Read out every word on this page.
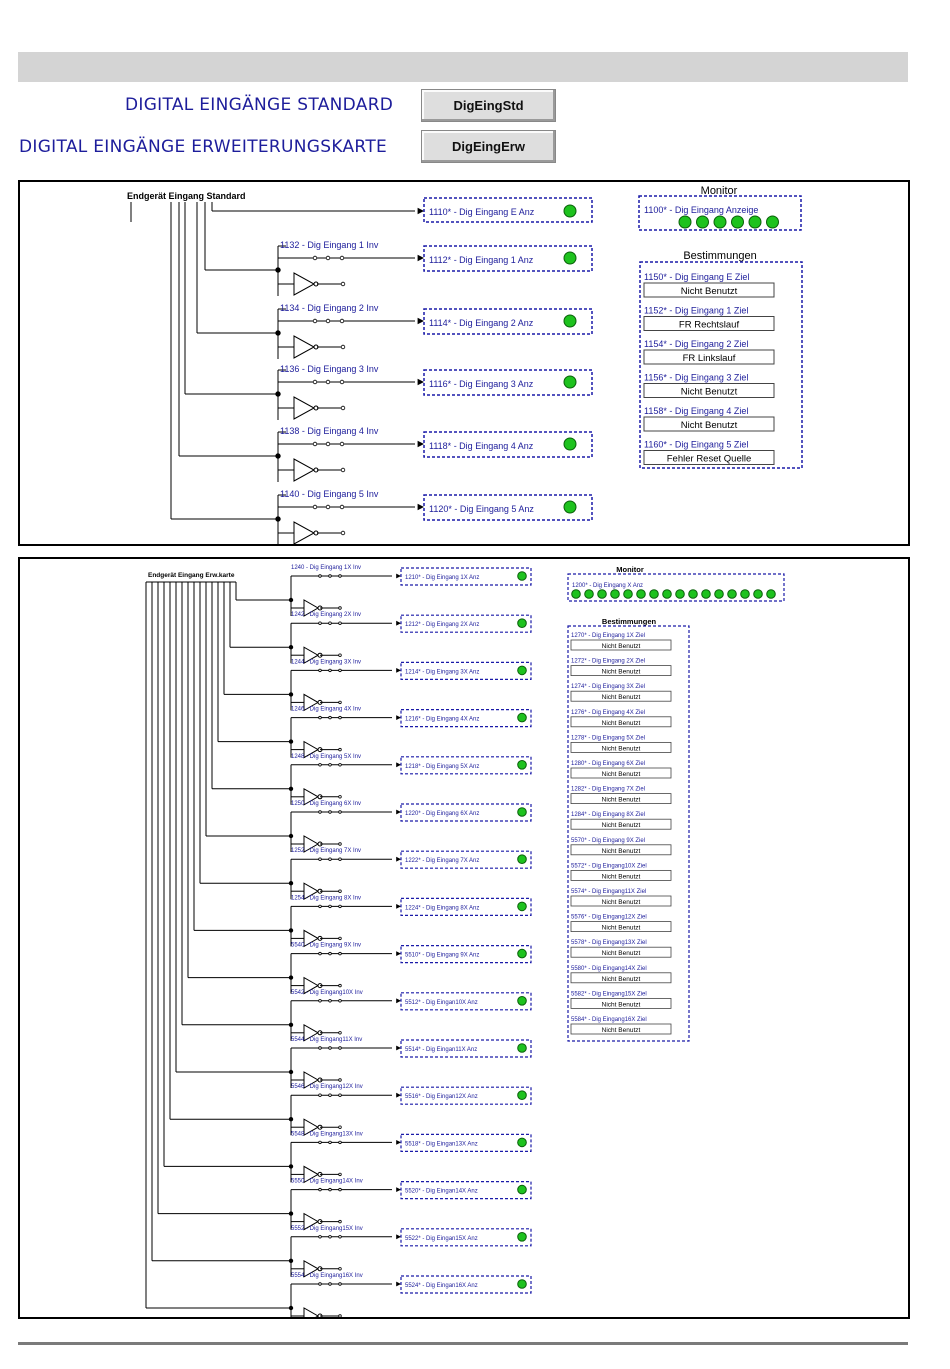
DIGITAL EINGÄNGE STANDARD	DigEingStd
DIGITAL EINGÄNGE ERWEITERUNGSKARTE	DigEingErw
Endgerät Eingang Standard
1110* - Dig Eingang E Anz
1132 - Dig Eingang 1 Inv
1112* - Dig Eingang 1 Anz
1134 - Dig Eingang 2 Inv
1114* - Dig Eingang 2 Anz
1136 - Dig Eingang 3 Inv
1116* - Dig Eingang 3 Anz
1138 - Dig Eingang 4 Inv
1118* - Dig Eingang 4 Anz
1140 - Dig Eingang 5 Inv
1120* - Dig Eingang 5 Anz
Monitor
1100* - Dig Eingang Anzeige
Bestimmungen
1150* - Dig Eingang E Ziel
Nicht Benutzt
1152* - Dig Eingang 1 Ziel
FR Rechtslauf
1154* - Dig Eingang 2 Ziel
FR Linkslauf
1156* - Dig Eingang 3 Ziel
Nicht Benutzt
1158* - Dig Eingang 4 Ziel
Nicht Benutzt
1160* - Dig Eingang 5 Ziel
Fehler Reset Quelle
Endgerät Eingang Erw.karte
1240 - Dig Eingang 1X Inv
1210* - Dig Eingang 1X Anz
1242 - Dig Eingang 2X Inv
1212* - Dig Eingang 2X Anz
1244 - Dig Eingang 3X Inv
1214* - Dig Eingang 3X Anz
1246 - Dig Eingang 4X Inv
1216* - Dig Eingang 4X Anz
1248 - Dig Eingang 5X Inv
1218* - Dig Eingang 5X Anz
1250 - Dig Eingang 6X Inv
1220* - Dig Eingang 6X Anz
1252 - Dig Eingang 7X Inv
1222* - Dig Eingang 7X Anz
1254 - Dig Eingang 8X Inv
1224* - Dig Eingang 8X Anz
5540 - Dig Eingang 9X Inv
5510* - Dig Eingang 9X Anz
5542 - Dig Eingang10X Inv
5512* - Dig Eingan10X Anz
5544 - Dig Eingang11X Inv
5514* - Dig Eingan11X Anz
5546 - Dig Eingang12X Inv
5516* - Dig Eingan12X Anz
5548 - Dig Eingang13X Inv
5518* - Dig Eingan13X Anz
5550 - Dig Eingang14X Inv
5520* - Dig Eingan14X Anz
5552 - Dig Eingang15X Inv
5522* - Dig Eingan15X Anz
5554 - Dig Eingang16X Inv
5524* - Dig Eingan16X Anz
Monitor
1200* - Dig Eingang X Anz
Bestimmungen
1270* - Dig Eingang 1X Ziel
Nicht Benutzt
1272* - Dig Eingang 2X Ziel
Nicht Benutzt
1274* - Dig Eingang 3X Ziel
Nicht Benutzt
1276* - Dig Eingang 4X Ziel
Nicht Benutzt
1278* - Dig Eingang 5X Ziel
Nicht Benutzt
1280* - Dig Eingang 6X Ziel
Nicht Benutzt
1282* - Dig Eingang 7X Ziel
Nicht Benutzt
1284* - Dig Eingang 8X Ziel
Nicht Benutzt
5570* - Dig Eingang 9X Ziel
Nicht Benutzt
5572* - Dig Eingang10X Ziel
Nicht Benutzt
5574* - Dig Eingang11X Ziel
Nicht Benutzt
5576* - Dig Eingang12X Ziel
Nicht Benutzt
5578* - Dig Eingang13X Ziel
Nicht Benutzt
5580* - Dig Eingang14X Ziel
Nicht Benutzt
5582* - Dig Eingang15X Ziel
Nicht Benutzt
5584* - Dig Eingang16X Ziel
Nicht Benutzt
